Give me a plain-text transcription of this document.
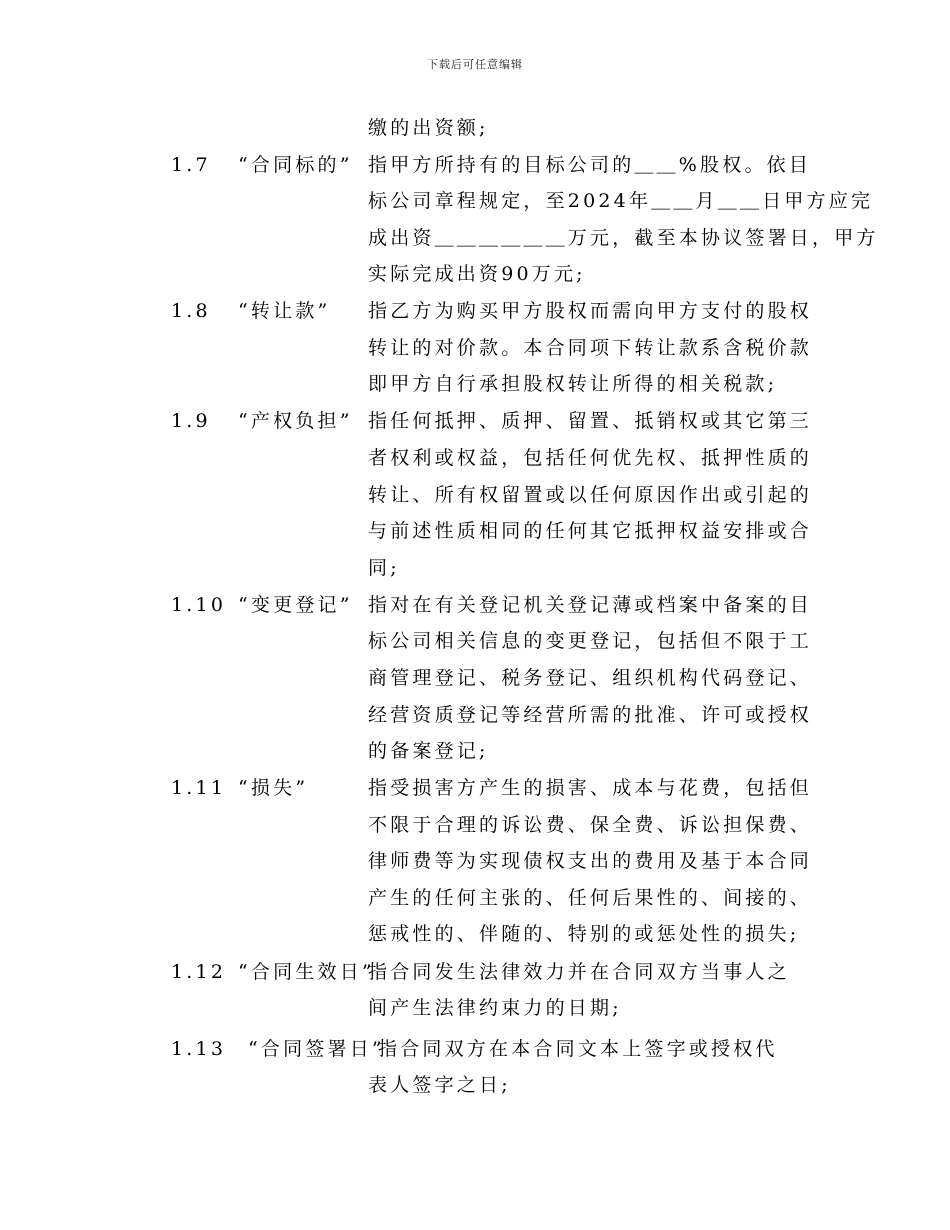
下载后可任意编辑
缴的出资额;
1.7 “合同标的” 指甲方所持有的目标公司的＿＿%股权。依目
标公司章程规定，至2024年＿＿月＿＿日甲方应完
成出资＿＿＿＿＿＿万元，截至本协议签署日，甲方
实际完成出资90万元;
1.8 “转让款” 指乙方为购买甲方股权而需向甲方支付的股权
转让的对价款。本合同项下转让款系含税价款
即甲方自行承担股权转让所得的相关税款;
1.9 “产权负担” 指任何抵押、质押、留置、抵销权或其它第三
者权利或权益，包括任何优先权、抵押性质的
转让、所有权留置或以任何原因作出或引起的
与前述性质相同的任何其它抵押权益安排或合
同;
1.10 “变更登记” 指对在有关登记机关登记薄或档案中备案的目
标公司相关信息的变更登记，包括但不限于工
商管理登记、税务登记、组织机构代码登记、
经营资质登记等经营所需的批准、许可或授权
的备案登记;
1.11 “损失”	指受损害方产生的损害、成本与花费，包括但
不限于合理的诉讼费、保全费、诉讼担保费、
律师费等为实现债权支出的费用及基于本合同
产生的任何主张的、任何后果性的、间接的、
惩戒性的、伴随的、特别的或惩处性的损失;
1.12 “合同生效日”
指合同发生法律效力并在合同双方当事人之
间产生法律约束力的日期;
1.13 “合同签署日”
指合同双方在本合同文本上签字或授权代
表人签字之日;
